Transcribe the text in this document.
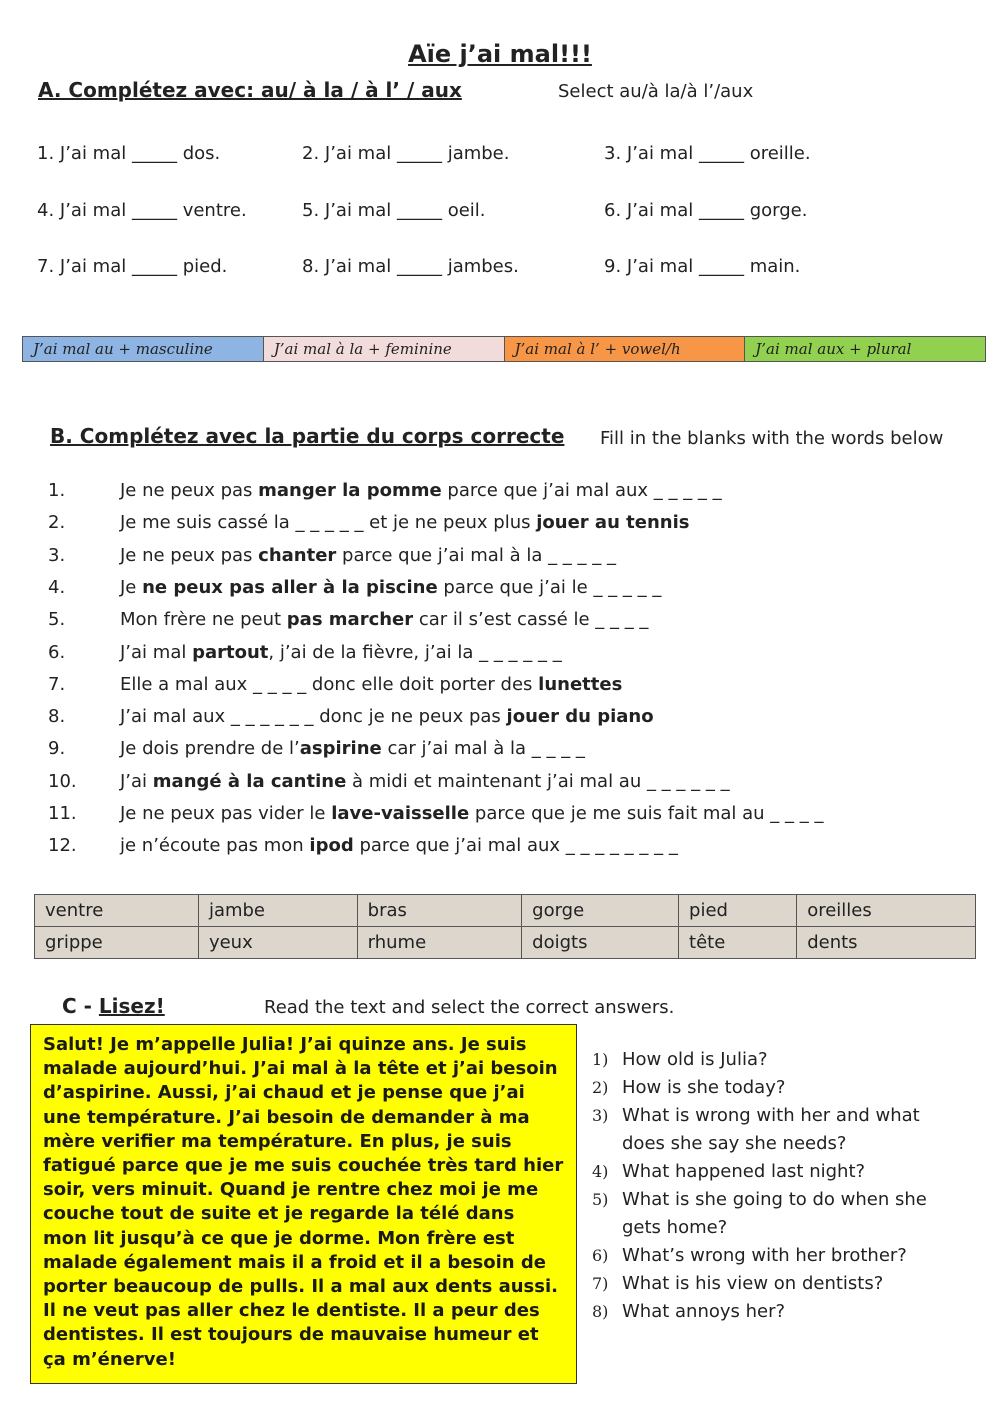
Aïe j’ai mal!!!
A. Complétez avec: au/ à la / à l’ / aux	Select au/à la/à l’/aux
1. J’ai mal _____ dos.	2. J’ai mal _____ jambe.	3. J’ai mal _____ oreille.
4. J’ai mal _____ ventre.	5. J’ai mal _____ oeil.	6. J’ai mal _____ gorge.
7. J’ai mal _____ pied.	8. J’ai mal _____ jambes.	9. J’ai mal _____ main.
J’ai mal au + masculine	J’ai mal à la + feminine	J’ai mal à l’ + vowel/h	J’ai mal aux + plural
B. Complétez avec la partie du corps correcte Fill in the blanks with the words below
1.	Je ne peux pas manger la pomme parce que j’ai mal aux _ _ _ _ _
2.	Je me suis cassé la _ _ _ _ _ et je ne peux plus jouer au tennis
3.	Je ne peux pas chanter parce que j’ai mal à la _ _ _ _ _
4.	Je ne peux pas aller à la piscine parce que j’ai le _ _ _ _ _
5.	Mon frère ne peut pas marcher car il s’est cassé le _ _ _ _
6.	J’ai mal partout, j’ai de la fièvre, j’ai la _ _ _ _ _ _
7.	Elle a mal aux _ _ _ _ donc elle doit porter des lunettes
8.	J’ai mal aux _ _ _ _ _ _ donc je ne peux pas jouer du piano
9.	Je dois prendre de l’aspirine car j’ai mal à la _ _ _ _
10. J’ai mangé à la cantine à midi et maintenant j’ai mal au _ _ _ _ _ _
11. Je ne peux pas vider le lave-vaisselle parce que je me suis fait mal au _ _ _ _
12. je n’écoute pas mon ipod parce que j’ai mal aux _ _ _ _ _ _ _ _
ventre	jambe	bras	gorge	pied	oreilles
grippe	yeux	rhume	doigts	tête	dents
C - Lisez!	Read the text and select the correct answers.
Salut! Je m’appelle Julia! J’ai quinze ans. Je suis malade aujourd’hui. J’ai mal à la tête et j’ai besoin d’aspirine. Aussi, j’ai chaud et je pense que j’ai une température. J’ai besoin de demander à ma mère verifier ma température. En plus, je suis fatigué parce que je me suis couchée très tard hier soir, vers minuit. Quand je rentre chez moi je me couche tout de suite et je regarde la télé dans mon lit jusqu’à ce que je dorme. Mon frère est malade également mais il a froid et il a besoin de porter beaucoup de pulls. Il a mal aux dents aussi. Il ne veut pas aller chez le dentiste. Il a peur des dentistes. Il est toujours de mauvaise humeur et ça m’énerve!
1) How old is Julia?
2) How is she today?
3) What is wrong with her and what does she say she needs?
4) What happened last night?
5) What is she going to do when she gets home?
6) What’s wrong with her brother?
7) What is his view on dentists?
8) What annoys her?
